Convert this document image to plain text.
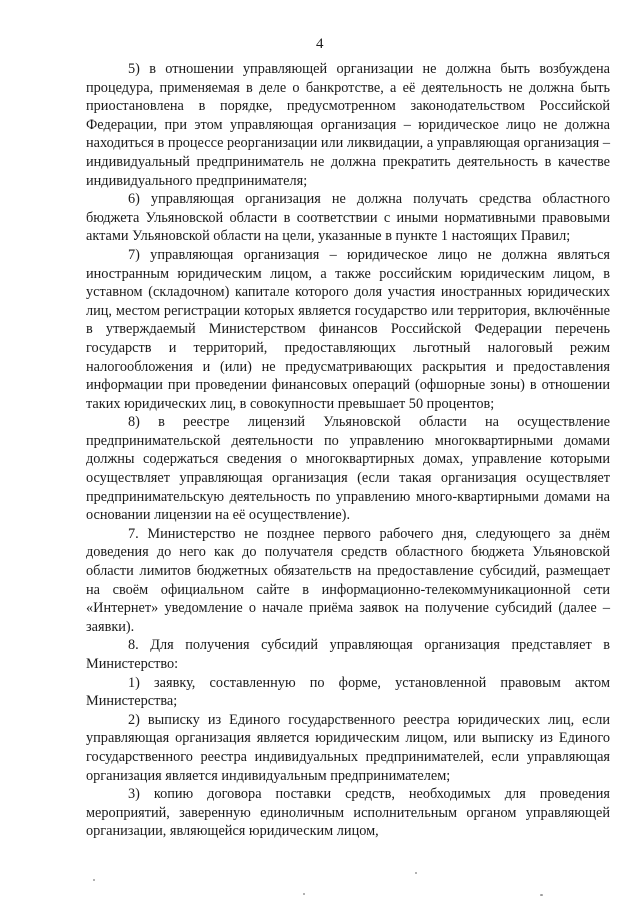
4

5) в отношении управляющей организации не должна быть возбуждена процедура, применяемая в деле о банкротстве, а её деятельность не должна быть приостановлена в порядке, предусмотренном законодательством Российской Федерации, при этом управляющая организация – юридическое лицо не должна находиться в процессе реорганизации или ликвидации, а управляющая организация – индивидуальный предприниматель не должна прекратить деятельность в качестве индивидуального предпринимателя;

6) управляющая организация не должна получать средства областного бюджета Ульяновской области в соответствии с иными нормативными правовыми актами Ульяновской области на цели, указанные в пункте 1 настоящих Правил;

7) управляющая организация – юридическое лицо не должна являться иностранным юридическим лицом, а также российским юридическим лицом, в уставном (складочном) капитале которого доля участия иностранных юридических лиц, местом регистрации которых является государство или территория, включённые в утверждаемый Министерством финансов Российской Федерации перечень государств и территорий, предоставляющих льготный налоговый режим налогообложения и (или) не предусматривающих раскрытия и предоставления информации при проведении финансовых операций (офшорные зоны) в отношении таких юридических лиц, в совокупности превышает 50 процентов;

8) в реестре лицензий Ульяновской области на осуществление предпринимательской деятельности по управлению многоквартирными домами должны содержаться сведения о многоквартирных домах, управление которыми осуществляет управляющая организация (если такая организация осуществляет предпринимательскую деятельность по управлению много-квартирными домами на основании лицензии на её осуществление).

7. Министерство не позднее первого рабочего дня, следующего за днём доведения до него как до получателя средств областного бюджета Ульяновской области лимитов бюджетных обязательств на предоставление субсидий, размещает на своём официальном сайте в информационно-телекоммуникационной сети «Интернет» уведомление о начале приёма заявок на получение субсидий (далее – заявки).

8. Для получения субсидий управляющая организация представляет в Министерство:

1) заявку, составленную по форме, установленной правовым актом Министерства;

2) выписку из Единого государственного реестра юридических лиц, если управляющая организация является юридическим лицом, или выписку из Единого государственного реестра индивидуальных предпринимателей, если управляющая организация является индивидуальным предпринимателем;

3) копию договора поставки средств, необходимых для проведения мероприятий, заверенную единоличным исполнительным органом управляющей организации, являющейся юридическим лицом,
